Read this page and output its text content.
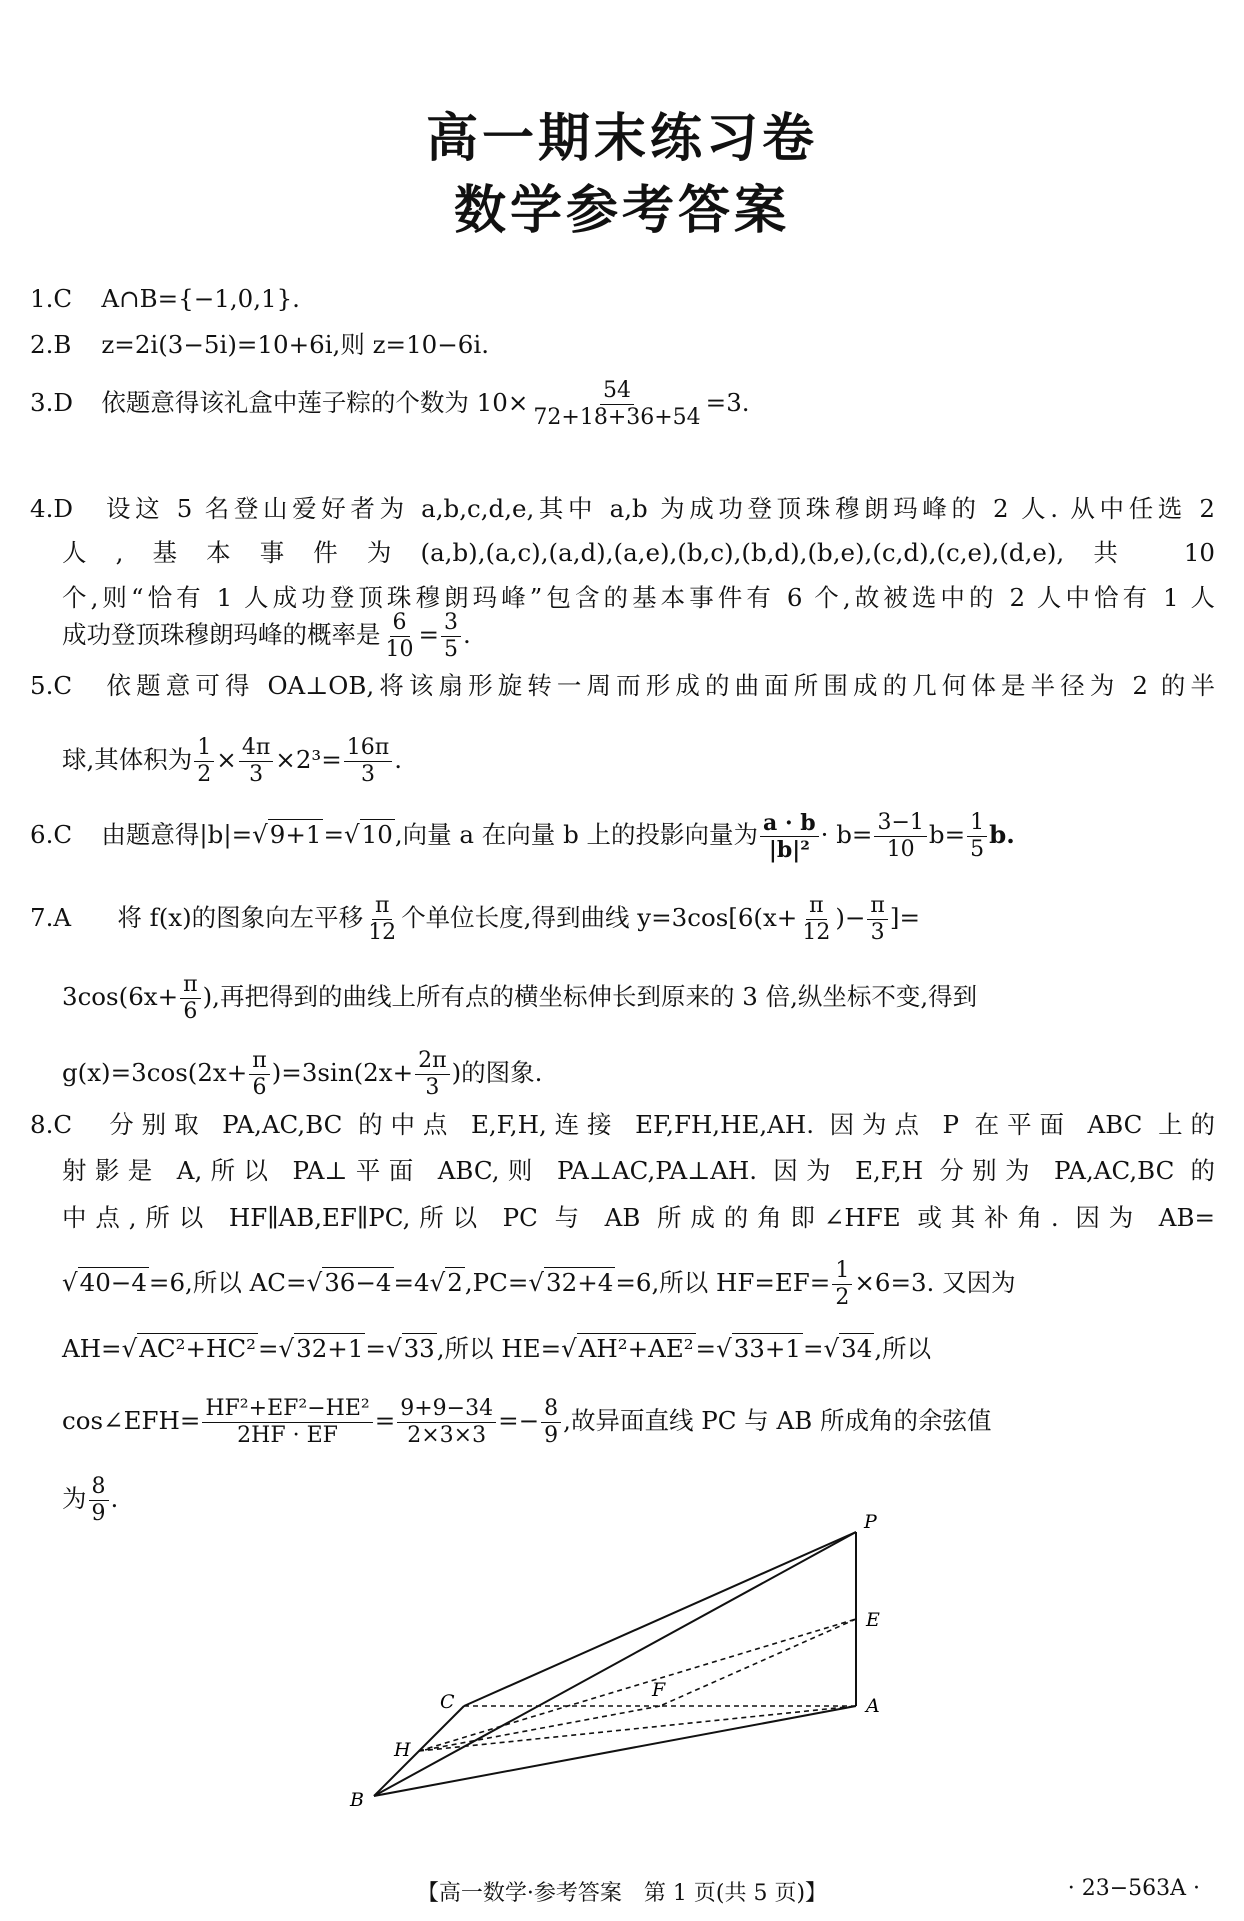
高一期末练习卷
数学参考答案
1.C A∩B={−1,0,1}.
2.B z=2i(3−5i)=10+6i,则 z=10−6i.
3.D 依题意得该礼盒中莲子粽的个数为 $10\times \frac{54}{72+18+36+54} =3$.
4.D 设这 5 名登山爱好者为 a,b,c,d,e,其中 a,b 为成功登顶珠穆朗玛峰的 2 人. 从中任选 2
人,基本事件为(a,b),(a,c),(a,d),(a,e),(b,c),(b,d),(b,e),(c,d),(c,e),(d,e),共 10
个,则“恰有 1 人成功登顶珠穆朗玛峰”包含的基本事件有 6 个,故被选中的 2 人中恰有 1 人
成功登顶珠穆朗玛峰的概率是 $\frac{6}{10} = \frac{3}{5}$ .
5.C 依题意可得 OA⊥OB,将该扇形旋转一周而形成的曲面所围成的几何体是半径为 2 的半
球,其体积为 $\frac{1}{2} \times \frac{4\pi}{3} \times 2^3= \frac{16\pi}{3}$ .
6.C 由题意得|b|=√9+1=√10,向量 a 在向量 b 上的投影向量为 $\frac{a \cdot b}{\text{|b|²}} \cdot b= \frac{3-1}{10} b= \frac{1}{5} b$.
7.A 将 f(x)的图象向左平移 $\frac{\pi}{12}$ 个单位长度,得到曲线 $y=3\cos[6(x+ \frac{\pi}{12}$ )− $\frac{\pi}{3}$ ]=
$3\cos(6x+ \frac{\pi}{6}$ ),再把得到的曲线上所有点的横坐标伸长到原来的 3 倍,纵坐标不变,得到
$g(x)=3\cos(2x+ \frac{\pi}{6} )=3\sin(2x+ \frac{2\pi}{3}$ )的图象.
8.C 分别取 PA,AC,BC 的中点 E,F,H,连接 EF,FH,HE,AH. 因为点 P 在平面 ABC 上的
射影是 A,所以 PA⊥平面 ABC,则 PA⊥AC,PA⊥AH. 因为 E,F,H 分别为 PA,AC,BC 的
中点,所以 HF∥AB,EF∥PC,所以 PC 与 AB 所成的角即∠HFE 或其补角. 因为 AB=
√40−4=6,所以 AC=√36−4=4√2,PC=√32+4=6,所以 $HF=EF= \frac{1}{2} \times 6=3$. 又因为
AH=√AC²+HC²=√32+1=√33,所以 HE=√AH²+AE²=√33+1=√34,所以
cos∠EFH= $\frac{\text{HF²+EF²−HE²}}{2HF \cdot EF} = \frac{9+9-34}{2\times 3\times 3} =- \frac{8}{9}$ ,故异面直线 PC 与 AB 所成角的余弦值
为 $\frac{8}{9}$ .
P
E
C
F
A
H
B
【高一数学·参考答案　第 1 页(共 5 页)】	· 23−563A ·
